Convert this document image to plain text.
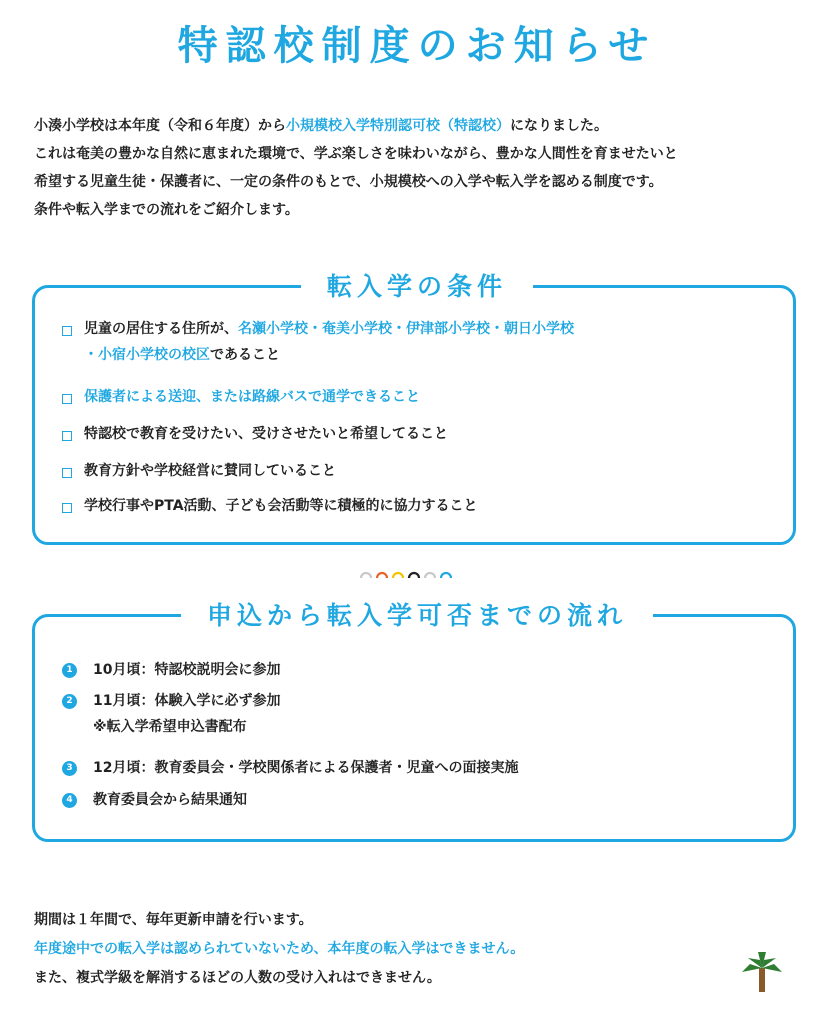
特認校制度のお知らせ
小湊小学校は本年度（令和６年度）から小規模校入学特別認可校（特認校）になりました。
これは奄美の豊かな自然に恵まれた環境で、学ぶ楽しさを味わいながら、豊かな人間性を育ませたいと
希望する児童生徒・保護者に、一定の条件のもとで、小規模校への入学や転入学を認める制度です。
条件や転入学までの流れをご紹介します。
転入学の条件
児童の居住する住所が、名瀬小学校・奄美小学校・伊津部小学校・朝日小学校
・小宿小学校の校区であること
保護者による送迎、または路線バスで通学できること
特認校で教育を受けたい、受けさせたいと希望してること
教育方針や学校経営に賛同していること
学校行事やPTA活動、子ども会活動等に積極的に協力すること
申込から転入学可否までの流れ
1	10月頃：特認校説明会に参加
2	11月頃：体験入学に必ず参加
※転入学希望申込書配布
3	12月頃：教育委員会・学校関係者による保護者・児童への面接実施
4	教育委員会から結果通知
期間は１年間で、毎年更新申請を行います。
年度途中での転入学は認められていないため、本年度の転入学はできません。
また、複式学級を解消するほどの人数の受け入れはできません。
